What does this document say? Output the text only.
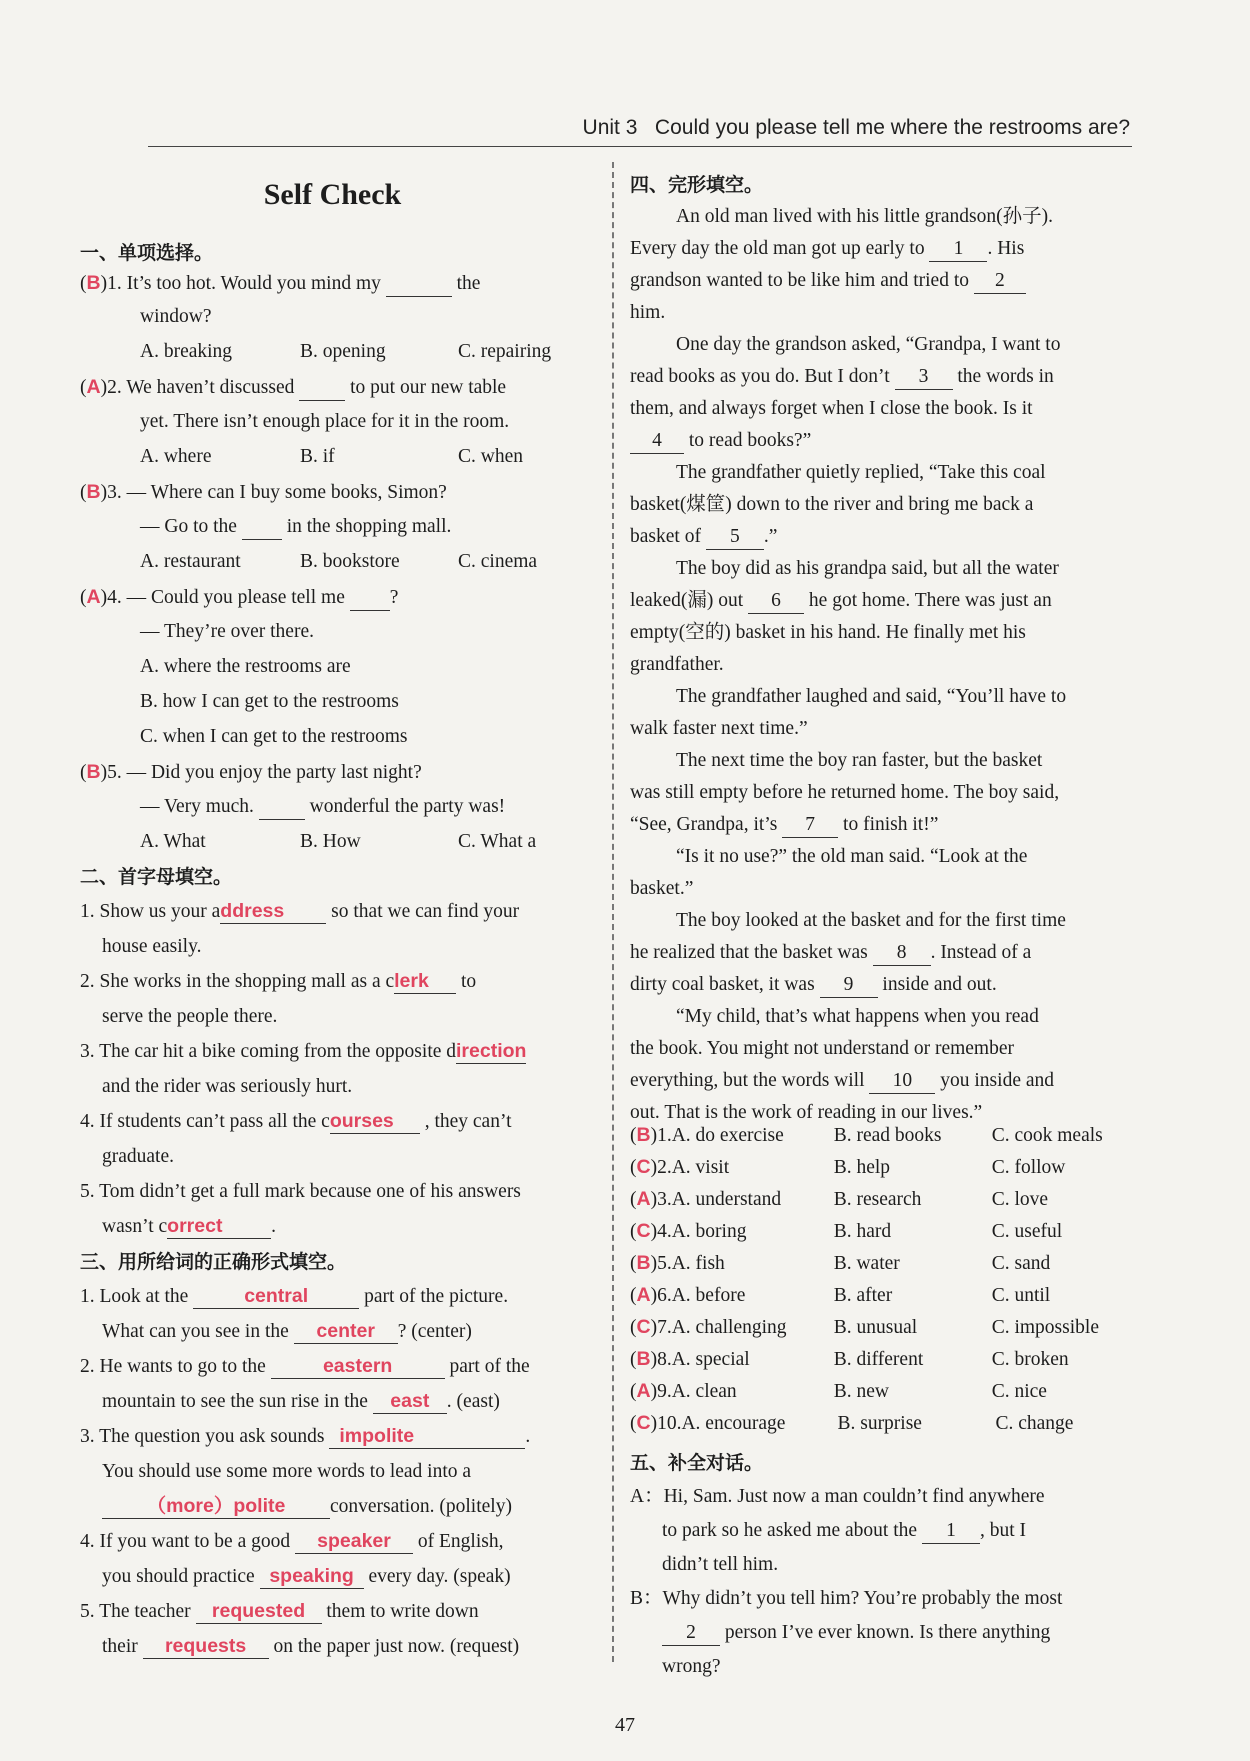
Unit 3 Could you please tell me where the restrooms are?
Self Check
一、单项选择。
(B)1. It’s too hot. Would you mind my	the
window?
A. breaking	B. opening	C. repairing
(A)2. We haven’t discussed	to put our new table
yet. There isn’t enough place for it in the room.
A. where	B. if	C. when
(B)3. — Where can I buy some books, Simon?
— Go to the	in the shopping mall.
A. restaurant	B. bookstore	C. cinema
(A)4. — Could you please tell me ?
— They’re over there.
A. where the restrooms are
B. how I can get to the restrooms
C. when I can get to the restrooms
(B)5. — Did you enjoy the party last night?
— Very much.	wonderful the party was!
A. What	B. How	C. What a
二、首字母填空。
1. Show us your address so that we can find your
house easily.
2. She works in the shopping mall as a clerk to
serve the people there.
3. The car hit a bike coming from the opposite direction
and the rider was seriously hurt.
4. If students can’t pass all the courses , they can’t
graduate.
5. Tom didn’t get a full mark because one of his answers
wasn’t correct .
三、用所给词的正确形式填空。
1. Look at the	central	part of the picture.
What can you see in the center ? (center)
2. He wants to go to the	eastern	part of the
mountain to see the sun rise in the east . (east)
3. The question you ask sounds impolite	.
You should use some more words to lead into a
（more）polite conversation. (politely)
4. If you want to be a good speaker of English,
you should practice speaking every day. (speak)
5. The teacher requested them to write down
their requests on the paper just now. (request)
四、完形填空。
An old man lived with his little grandson(孙子).
Every day the old man got up early to 1 . His
grandson wanted to be like him and tried to 2
him.
One day the grandson asked, “Grandpa, I want to
read books as you do. But I don’t 3 the words in
them, and always forget when I close the book. Is it
4 to read books?”
The grandfather quietly replied, “Take this coal
basket(煤筐) down to the river and bring me back a
basket of 5 .”
The boy did as his grandpa said, but all the water
leaked(漏) out 6 he got home. There was just an
empty(空的) basket in his hand. He finally met his
grandfather.
The grandfather laughed and said, “You’ll have to
walk faster next time.”
The next time the boy ran faster, but the basket
was still empty before he returned home. The boy said,
“See, Grandpa, it’s 7 to finish it!”
“Is it no use?” the old man said. “Look at the
basket.”
The boy looked at the basket and for the first time
he realized that the basket was 8 . Instead of a
dirty coal basket, it was 9 inside and out.
“My child, that’s what happens when you read
the book. You might not understand or remember
everything, but the words will 10 you inside and
out. That is the work of reading in our lives.”
(B)1.A. do exercise	B. read books	C. cook meals
(C)2.A. visit	B. help	C. follow
(A)3.A. understand	B. research	C. love
(C)4.A. boring	B. hard	C. useful
(B)5.A. fish	B. water	C. sand
(A)6.A. before	B. after	C. until
(C)7.A. challenging B. unusual	C. impossible
(B)8.A. special	B. different	C. broken
(A)9.A. clean	B. new	C. nice
(C)10.A. encourage	B. surprise	C. change
五、补全对话。
A：Hi, Sam. Just now a man couldn’t find anywhere
to park so he asked me about the 1 , but I
didn’t tell him.
B：Why didn’t you tell him? You’re probably the most
2 person I’ve ever known. Is there anything
wrong?
47
